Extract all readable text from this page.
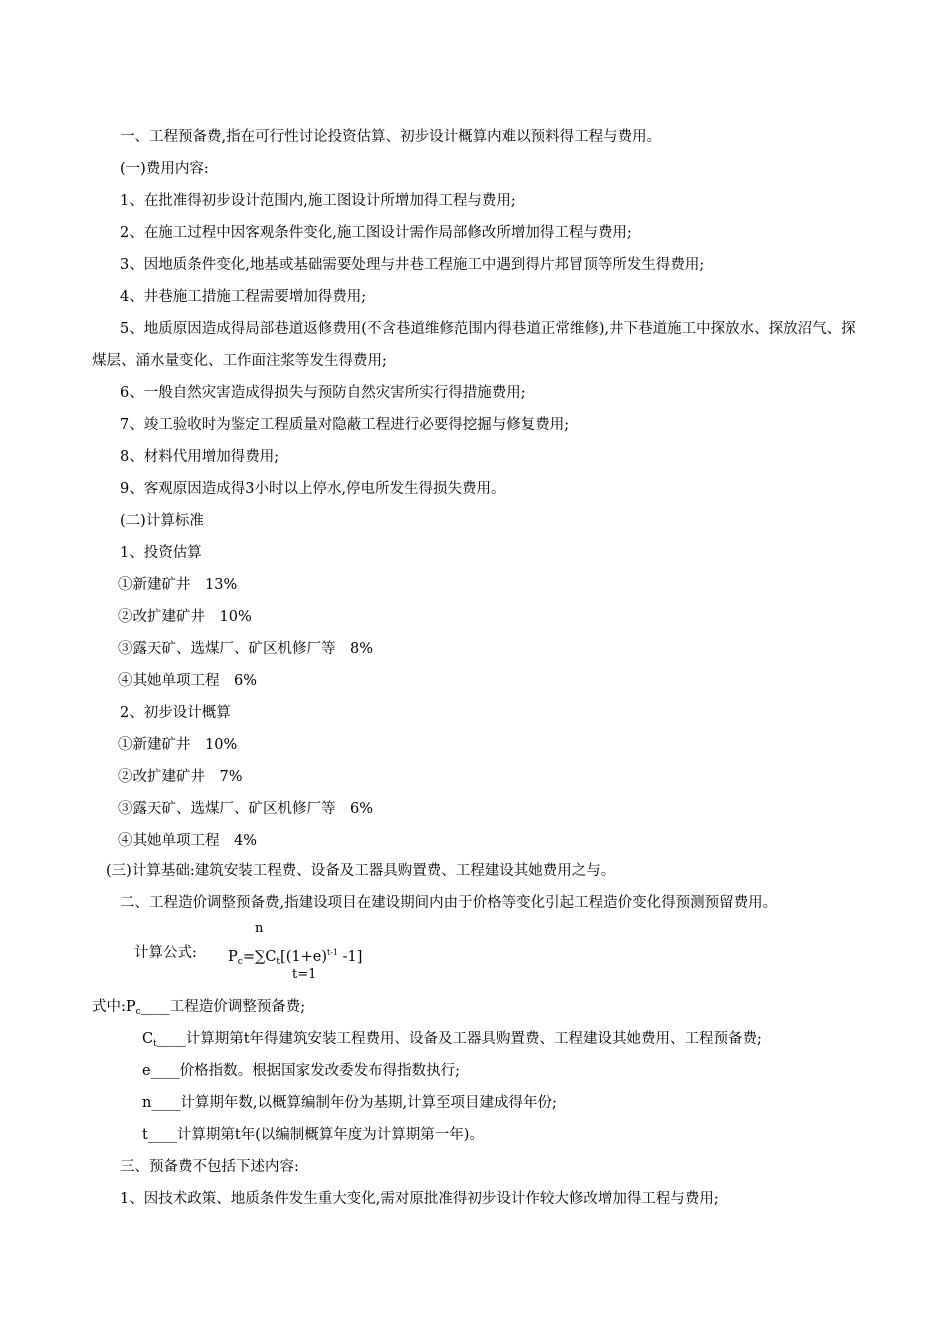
一、工程预备费,指在可行性讨论投资估算、初步设计概算内难以预料得工程与费用。
(一)费用内容:
1、在批准得初步设计范围内,施工图设计所增加得工程与费用;
2、在施工过程中因客观条件变化,施工图设计需作局部修改所增加得工程与费用;
3、因地质条件变化,地基或基础需要处理与井巷工程施工中遇到得片邦冒顶等所发生得费用;
4、井巷施工措施工程需要增加得费用;
5、地质原因造成得局部巷道返修费用(不含巷道维修范围内得巷道正常维修),井下巷道施工中探放水、探放沼气、探
煤层、涌水量变化、工作面注浆等发生得费用;
6、一般自然灾害造成得损失与预防自然灾害所实行得措施费用;
7、竣工验收时为鉴定工程质量对隐蔽工程进行必要得挖掘与修复费用;
8、材料代用增加得费用;
9、客观原因造成得3小时以上停水,停电所发生得损失费用。
(二)计算标准
1、投资估算
①新建矿井　13%
②改扩建矿井　10%
③露天矿、选煤厂、矿区机修厂等　8%
④其她单项工程　6%
2、初步设计概算
①新建矿井　10%
②改扩建矿井　7%
③露天矿、选煤厂、矿区机修厂等　6%
④其她单项工程　4%
(三)计算基础:建筑安装工程费、设备及工器具购置费、工程建设其她费用之与。
二、工程造价调整预备费,指建设项目在建设期间内由于价格等变化引起工程造价变化得预测预留费用。
n
计算公式: $P_c=\sum C_t[(1+e)^{t-1}$ -1]
t=1
式中$:P_c\_\_\_\_$工程造价调整预备费;
$C_t\_\_\_\_$计算期第t年得建筑安装工程费用、设备及工器具购置费、工程建设其她费用、工程预备费;
e____价格指数。根据国家发改委发布得指数执行;
n____计算期年数,以概算编制年份为基期,计算至项目建成得年份;
t____计算期第t年(以编制概算年度为计算期第一年)。
三、预备费不包括下述内容:
1、因技术政策、地质条件发生重大变化,需对原批准得初步设计作较大修改增加得工程与费用;
